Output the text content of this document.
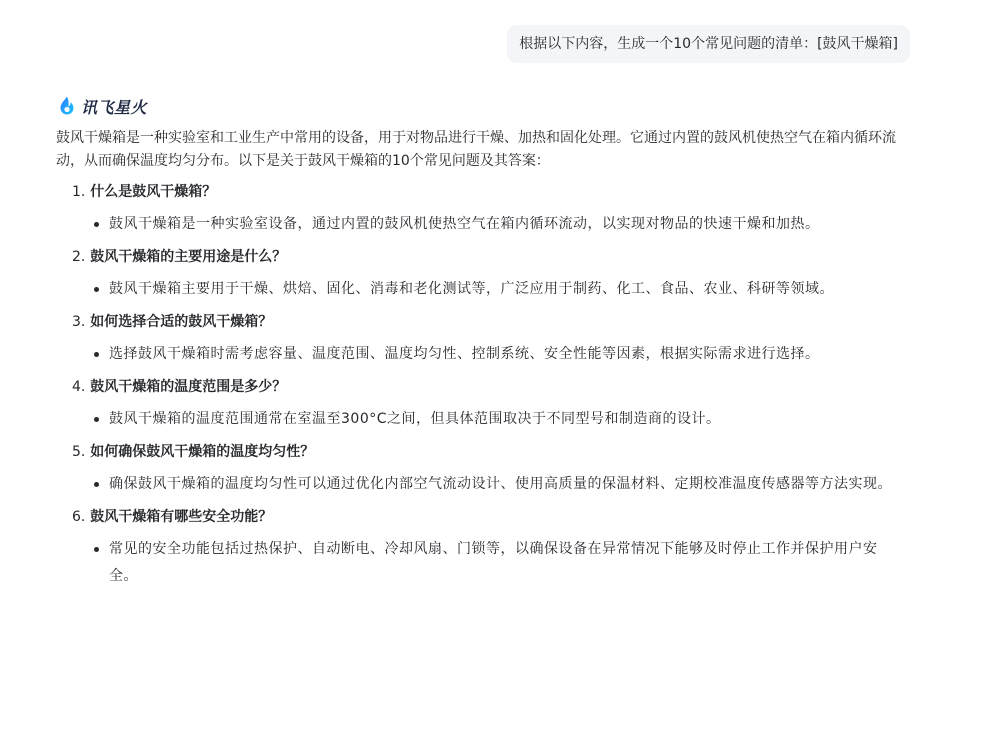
根据以下内容，生成一个10个常见问题的清单：[鼓风干燥箱]
讯飞星火

鼓风干燥箱是一种实验室和工业生产中常用的设备，用于对物品进行干燥、加热和固化处理。它通过内置的鼓风机使热空气在箱内循环流动，从而确保温度均匀分布。以下是关于鼓风干燥箱的10个常见问题及其答案：

1. 什么是鼓风干燥箱？
鼓风干燥箱是一种实验室设备，通过内置的鼓风机使热空气在箱内循环流动，以实现对物品的快速干燥和加热。
2. 鼓风干燥箱的主要用途是什么？
鼓风干燥箱主要用于干燥、烘焙、固化、消毒和老化测试等，广泛应用于制药、化工、食品、农业、科研等领域。
3. 如何选择合适的鼓风干燥箱？
选择鼓风干燥箱时需考虑容量、温度范围、温度均匀性、控制系统、安全性能等因素，根据实际需求进行选择。
4. 鼓风干燥箱的温度范围是多少？
鼓风干燥箱的温度范围通常在室温至300°C之间，但具体范围取决于不同型号和制造商的设计。
5. 如何确保鼓风干燥箱的温度均匀性？
确保鼓风干燥箱的温度均匀性可以通过优化内部空气流动设计、使用高质量的保温材料、定期校准温度传感器等方法实现。
6. 鼓风干燥箱有哪些安全功能？
常见的安全功能包括过热保护、自动断电、冷却风扇、门锁等，以确保设备在异常情况下能够及时停止工作并保护用户安全。
